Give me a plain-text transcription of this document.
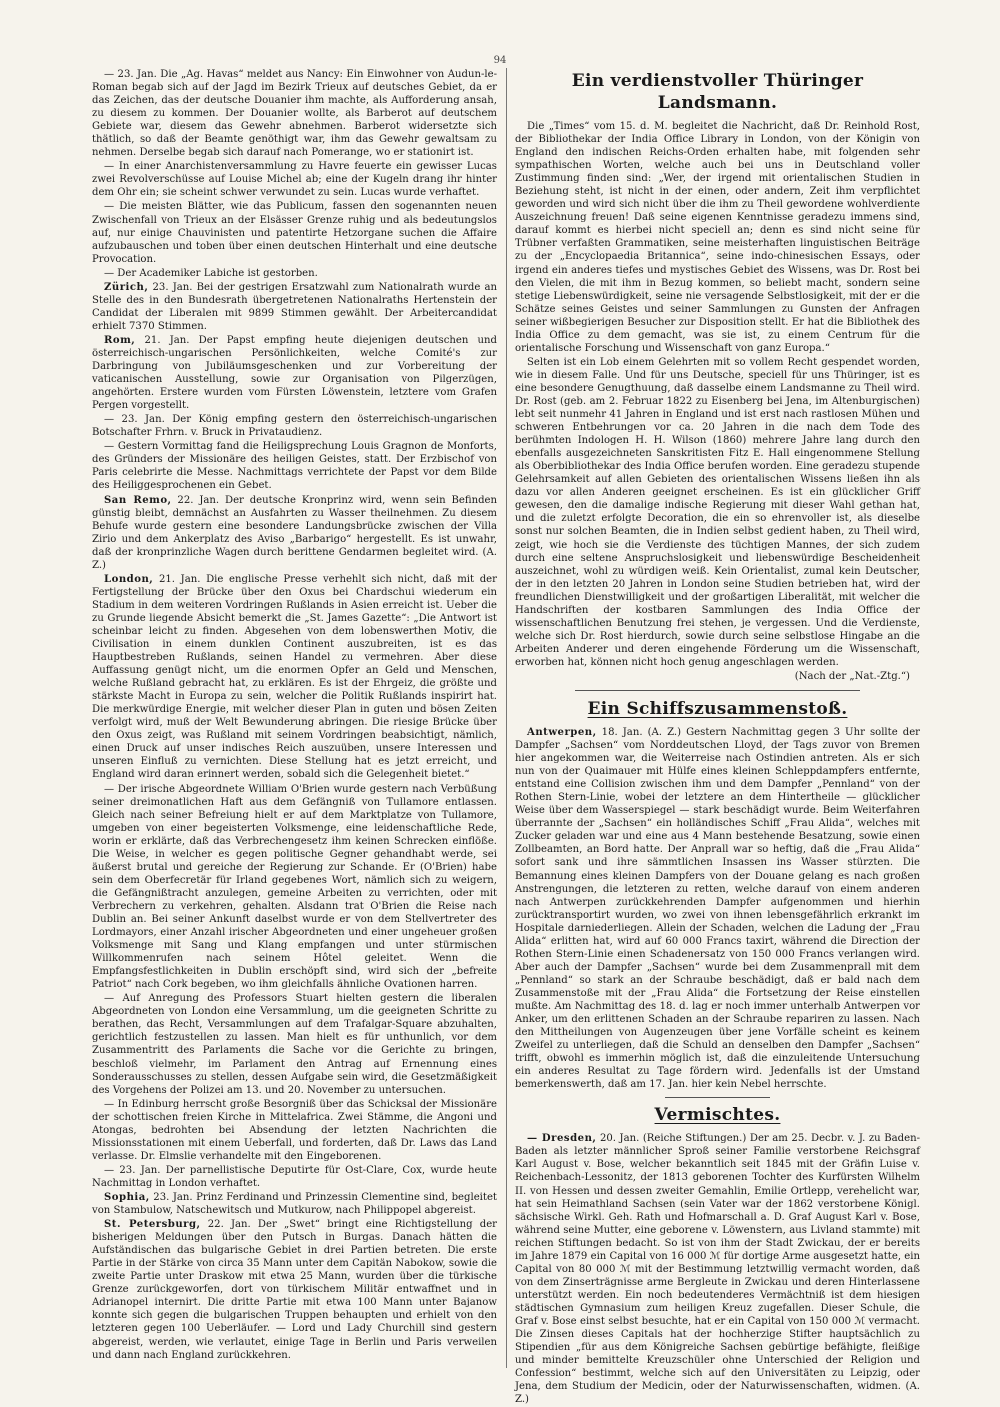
94

— 23. Jan. Die „Ag. Havas“ meldet aus Nancy: Ein Einwohner von Audun-le-Roman begab sich auf der Jagd im Bezirk Trieux auf deutsches Gebiet, da er das Zeichen, das der deutsche Douanier ihm machte, als Aufforderung ansah, zu diesem zu kommen. Der Douanier wollte, als Barberot auf deutschem Gebiete war, diesem das Gewehr abnehmen. Barberot widersetzte sich thätlich, so daß der Beamte genöthigt war, ihm das Gewehr gewaltsam zu nehmen. Derselbe begab sich darauf nach Pomerange, wo er stationirt ist.

— In einer Anarchistenversammlung zu Havre feuerte ein gewisser Lucas zwei Revolverschüsse auf Louise Michel ab; eine der Kugeln drang ihr hinter dem Ohr ein; sie scheint schwer verwundet zu sein. Lucas wurde verhaftet.

— Die meisten Blätter, wie das Publicum, fassen den sogenannten neuen Zwischenfall von Trieux an der Elsässer Grenze ruhig und als bedeutungslos auf, nur einige Chauvinisten und patentirte Hetzorgane suchen die Affaire aufzubauschen und toben über einen deutschen Hinterhalt und eine deutsche Provocation.

— Der Academiker Labiche ist gestorben.

Zürich, 23. Jan. Bei der gestrigen Ersatzwahl zum Nationalrath wurde an Stelle des in den Bundesrath übergetretenen Nationalraths Hertenstein der Candidat der Liberalen mit 9899 Stimmen gewählt. Der Arbeitercandidat erhielt 7370 Stimmen.

Rom, 21. Jan. Der Papst empfing heute diejenigen deutschen und österreichisch-ungarischen Persönlichkeiten, welche Comité's zur Darbringung von Jubiläumsgeschenken und zur Vorbereitung der vaticanischen Ausstellung, sowie zur Organisation von Pilgerzügen, angehörten. Erstere wurden vom Fürsten Löwenstein, letztere vom Grafen Pergen vorgestellt.

— 23. Jan. Der König empfing gestern den österreichisch-ungarischen Botschafter Frhrn. v. Bruck in Privataudienz.

— Gestern Vormittag fand die Heiligsprechung Louis Gragnon de Monforts, des Gründers der Missionäre des heiligen Geistes, statt. Der Erzbischof von Paris celebrirte die Messe. Nachmittags verrichtete der Papst vor dem Bilde des Heiliggesprochenen ein Gebet.

San Remo, 22. Jan. Der deutsche Kronprinz wird, wenn sein Befinden günstig bleibt, demnächst an Ausfahrten zu Wasser theilnehmen. Zu diesem Behufe wurde gestern eine besondere Landungsbrücke zwischen der Villa Zirio und dem Ankerplatz des Aviso „Barbarigo“ hergestellt. Es ist unwahr, daß der kronprinzliche Wagen durch berittene Gendarmen begleitet wird. (A. Z.)

London, 21. Jan. Die englische Presse verhehlt sich nicht, daß mit der Fertigstellung der Brücke über den Oxus bei Chardschui wiederum ein Stadium in dem weiteren Vordringen Rußlands in Asien erreicht ist. Ueber die zu Grunde liegende Absicht bemerkt die „St. James Gazette“: „Die Antwort ist scheinbar leicht zu finden. Abgesehen von dem lobenswerthen Motiv, die Civilisation in einem dunklen Continent auszubreiten, ist es das Hauptbestreben Rußlands, seinen Handel zu vermehren. Aber diese Auffassung genügt nicht, um die enormen Opfer an Geld und Menschen, welche Rußland gebracht hat, zu erklären. Es ist der Ehrgeiz, die größte und stärkste Macht in Europa zu sein, welcher die Politik Rußlands inspirirt hat. Die merkwürdige Energie, mit welcher dieser Plan in guten und bösen Zeiten verfolgt wird, muß der Welt Bewunderung abringen. Die riesige Brücke über den Oxus zeigt, was Rußland mit seinem Vordringen beabsichtigt, nämlich, einen Druck auf unser indisches Reich auszuüben, unsere Interessen und unseren Einfluß zu vernichten. Diese Stellung hat es jetzt erreicht, und England wird daran erinnert werden, sobald sich die Gelegenheit bietet.“

— Der irische Abgeordnete William O'Brien wurde gestern nach Verbüßung seiner dreimonatlichen Haft aus dem Gefängniß von Tullamore entlassen. Gleich nach seiner Befreiung hielt er auf dem Marktplatze von Tullamore, umgeben von einer begeisterten Volksmenge, eine leidenschaftliche Rede, worin er erklärte, daß das Verbrechengesetz ihm keinen Schrecken einflöße. Die Weise, in welcher es gegen politische Gegner gehandhabt werde, sei äußerst brutal und gereiche der Regierung zur Schande. Er (O'Brien) habe sein dem Oberfecretär für Irland gegebenes Wort, nämlich sich zu weigern, die Gefängnißtracht anzulegen, gemeine Arbeiten zu verrichten, oder mit Verbrechern zu verkehren, gehalten. Alsdann trat O'Brien die Reise nach Dublin an. Bei seiner Ankunft daselbst wurde er von dem Stellvertreter des Lordmayors, einer Anzahl irischer Abgeordneten und einer ungeheuer großen Volksmenge mit Sang und Klang empfangen und unter stürmischen Willkommenrufen nach seinem Hôtel geleitet. Wenn die Empfangsfestlichkeiten in Dublin erschöpft sind, wird sich der „befreite Patriot“ nach Cork begeben, wo ihm gleichfalls ähnliche Ovationen harren.

— Auf Anregung des Professors Stuart hielten gestern die liberalen Abgeordneten von London eine Versammlung, um die geeigneten Schritte zu berathen, das Recht, Versammlungen auf dem Trafalgar-Square abzuhalten, gerichtlich festzustellen zu lassen. Man hielt es für unthunlich, vor dem Zusammentritt des Parlaments die Sache vor die Gerichte zu bringen, beschloß vielmehr, im Parlament den Antrag auf Ernennung eines Sonderausschusses zu stellen, dessen Aufgabe sein wird, die Gesetzmäßigkeit des Vorgehens der Polizei am 13. und 20. November zu untersuchen.

— In Edinburg herrscht große Besorgniß über das Schicksal der Missionäre der schottischen freien Kirche in Mittelafrica. Zwei Stämme, die Angoni und Atongas, bedrohten bei Absendung der letzten Nachrichten die Missionsstationen mit einem Ueberfall, und forderten, daß Dr. Laws das Land verlasse. Dr. Elmslie verhandelte mit den Eingeborenen.

— 23. Jan. Der parnellistische Deputirte für Ost-Clare, Cox, wurde heute Nachmittag in London verhaftet.

Sophia, 23. Jan. Prinz Ferdinand und Prinzessin Clementine sind, begleitet von Stambulow, Natschewitsch und Mutkurow, nach Philippopel abgereist.

St. Petersburg, 22. Jan. Der „Swet“ bringt eine Richtigstellung der bisherigen Meldungen über den Putsch in Burgas. Danach hätten die Aufständischen das bulgarische Gebiet in drei Partien betreten. Die erste Partie in der Stärke von circa 35 Mann unter dem Capitän Nabokow, sowie die zweite Partie unter Draskow mit etwa 25 Mann, wurden über die türkische Grenze zurückgeworfen, dort von türkischem Militär entwaffnet und in Adrianopel internirt. Die dritte Partie mit etwa 100 Mann unter Bajanow konnte sich gegen die bulgarischen Truppen behaupten und erhielt von den letzteren gegen 100 Ueberläufer. — Lord und Lady Churchill sind gestern abgereist, werden, wie verlautet, einige Tage in Berlin und Paris verweilen und dann nach England zurückkehren.

Ein verdienstvoller Thüringer Landsmann.

Die „Times“ vom 15. d. M. begleitet die Nachricht, daß Dr. Reinhold Rost, der Bibliothekar der India Office Library in London, von der Königin von England den indischen Reichs-Orden erhalten habe, mit folgenden sehr sympathischen Worten, welche auch bei uns in Deutschland voller Zustimmung finden sind: „Wer, der irgend mit orientalischen Studien in Beziehung steht, ist nicht in der einen, oder andern, Zeit ihm verpflichtet geworden und wird sich nicht über die ihm zu Theil gewordene wohlverdiente Auszeichnung freuen! Daß seine eigenen Kenntnisse geradezu immens sind, darauf kommt es hierbei nicht speciell an; denn es sind nicht seine für Trübner verfaßten Grammatiken, seine meisterhaften linguistischen Beiträge zu der „Encyclopaedia Britannica“, seine indo-chinesischen Essays, oder irgend ein anderes tiefes und mystisches Gebiet des Wissens, was Dr. Rost bei den Vielen, die mit ihm in Bezug kommen, so beliebt macht, sondern seine stetige Liebenswürdigkeit, seine nie versagende Selbstlosigkeit, mit der er die Schätze seines Geistes und seiner Sammlungen zu Gunsten der Anfragen seiner wißbegierigen Besucher zur Disposition stellt. Er hat die Bibliothek des India Office zu dem gemacht, was sie ist, zu einem Centrum für die orientalische Forschung und Wissenschaft von ganz Europa.“

Selten ist ein Lob einem Gelehrten mit so vollem Recht gespendet worden, wie in diesem Falle. Und für uns Deutsche, speciell für uns Thüringer, ist es eine besondere Genugthuung, daß dasselbe einem Landsmanne zu Theil wird. Dr. Rost (geb. am 2. Februar 1822 zu Eisenberg bei Jena, im Altenburgischen) lebt seit nunmehr 41 Jahren in England und ist erst nach rastlosen Mühen und schweren Entbehrungen vor ca. 20 Jahren in die nach dem Tode des berühmten Indologen H. H. Wilson (1860) mehrere Jahre lang durch den ebenfalls ausgezeichneten Sanskritisten Fitz E. Hall eingenommene Stellung als Oberbibliothekar des India Office berufen worden. Eine geradezu stupende Gelehrsamkeit auf allen Gebieten des orientalischen Wissens ließen ihn als dazu vor allen Anderen geeignet erscheinen. Es ist ein glücklicher Griff gewesen, den die damalige indische Regierung mit dieser Wahl gethan hat, und die zuletzt erfolgte Decoration, die ein so ehrenvoller ist, als dieselbe sonst nur solchen Beamten, die in Indien selbst gedient haben, zu Theil wird, zeigt, wie hoch sie die Verdienste des tüchtigen Mannes, der sich zudem durch eine seltene Anspruchslosigkeit und liebenswürdige Bescheidenheit auszeichnet, wohl zu würdigen weiß. Kein Orientalist, zumal kein Deutscher, der in den letzten 20 Jahren in London seine Studien betrieben hat, wird der freundlichen Dienstwilligkeit und der großartigen Liberalität, mit welcher die Handschriften der kostbaren Sammlungen des India Office der wissenschaftlichen Benutzung frei stehen, je vergessen. Und die Verdienste, welche sich Dr. Rost hierdurch, sowie durch seine selbstlose Hingabe an die Arbeiten Anderer und deren eingehende Förderung um die Wissenschaft, erworben hat, können nicht hoch genug angeschlagen werden.

(Nach der „Nat.-Ztg.“)

Ein Schiffszusammenstoß.

Antwerpen, 18. Jan. (A. Z.) Gestern Nachmittag gegen 3 Uhr sollte der Dampfer „Sachsen“ vom Norddeutschen Lloyd, der Tags zuvor von Bremen hier angekommen war, die Weiterreise nach Ostindien antreten. Als er sich nun von der Quaimauer mit Hülfe eines kleinen Schleppdampfers entfernte, entstand eine Collision zwischen ihm und dem Dampfer „Pennland“ von der Rothen Stern-Linie, wobei der letztere an dem Hintertheile — glücklicher Weise über dem Wasserspiegel — stark beschädigt wurde. Beim Weiterfahren überrannte der „Sachsen“ ein holländisches Schiff „Frau Alida“, welches mit Zucker geladen war und eine aus 4 Mann bestehende Besatzung, sowie einen Zollbeamten, an Bord hatte. Der Anprall war so heftig, daß die „Frau Alida“ sofort sank und ihre sämmtlichen Insassen ins Wasser stürzten. Die Bemannung eines kleinen Dampfers von der Douane gelang es nach großen Anstrengungen, die letzteren zu retten, welche darauf von einem anderen nach Antwerpen zurückkehrenden Dampfer aufgenommen und hierhin zurücktransportirt wurden, wo zwei von ihnen lebensgefährlich erkrankt im Hospitale darniederliegen. Allein der Schaden, welchen die Ladung der „Frau Alida“ erlitten hat, wird auf 60 000 Francs taxirt, während die Direction der Rothen Stern-Linie einen Schadenersatz von 150 000 Francs verlangen wird. Aber auch der Dampfer „Sachsen“ wurde bei dem Zusammenprall mit dem „Pennland“ so stark an der Schraube beschädigt, daß er bald nach dem Zusammenstoße mit der „Frau Alida“ die Fortsetzung der Reise einstellen mußte. Am Nachmittag des 18. d. lag er noch immer unterhalb Antwerpen vor Anker, um den erlittenen Schaden an der Schraube repariren zu lassen. Nach den Mittheilungen von Augenzeugen über jene Vorfälle scheint es keinem Zweifel zu unterliegen, daß die Schuld an denselben den Dampfer „Sachsen“ trifft, obwohl es immerhin möglich ist, daß die einzuleitende Untersuchung ein anderes Resultat zu Tage fördern wird. Jedenfalls ist der Umstand bemerkenswerth, daß am 17. Jan. hier kein Nebel herrschte.

Vermischtes.

— Dresden, 20. Jan. (Reiche Stiftungen.) Der am 25. Decbr. v. J. zu Baden-Baden als letzter männlicher Sproß seiner Familie verstorbene Reichsgraf Karl August v. Bose, welcher bekanntlich seit 1845 mit der Gräfin Luise v. Reichenbach-Lessonitz, der 1813 geborenen Tochter des Kurfürsten Wilhelm II. von Hessen und dessen zweiter Gemahlin, Emilie Ortlepp, verehelicht war, hat sein Heimathland Sachsen (sein Vater war der 1862 verstorbene Königl. sächsische Wirkl. Geh. Rath und Hofmarschall a. D. Graf August Karl v. Bose, während seine Mutter, eine geborene v. Löwenstern, aus Livland stammte) mit reichen Stiftungen bedacht. So ist von ihm der Stadt Zwickau, der er bereits im Jahre 1879 ein Capital von 16 000 ℳ für dortige Arme ausgesetzt hatte, ein Capital von 80 000 ℳ mit der Bestimmung letztwillig vermacht worden, daß von dem Zinserträgnisse arme Bergleute in Zwickau und deren Hinterlassene unterstützt werden. Ein noch bedeutenderes Vermächtniß ist dem hiesigen städtischen Gymnasium zum heiligen Kreuz zugefallen. Dieser Schule, die Graf v. Bose einst selbst besuchte, hat er ein Capital von 150 000 ℳ vermacht. Die Zinsen dieses Capitals hat der hochherzige Stifter hauptsächlich zu Stipendien „für aus dem Königreiche Sachsen gebürtige befähigte, fleißige und minder bemittelte Kreuzschüler ohne Unterschied der Religion und Confession“ bestimmt, welche sich auf den Universitäten zu Leipzig, oder Jena, dem Studium der Medicin, oder der Naturwissenschaften, widmen. (A. Z.)
